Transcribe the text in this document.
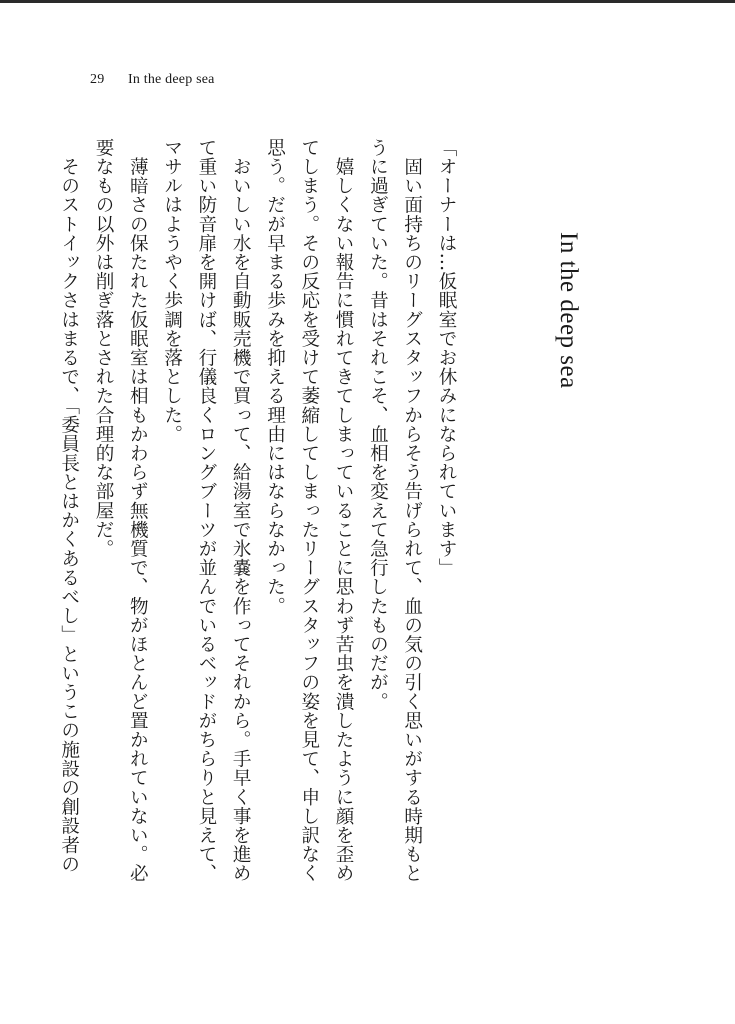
29 In the deep sea
In the deep sea

「オーナーは…仮眠室でお休みになられています」

　固い面持ちのリーグスタッフからそう告げられて、血の気の引く思いがする時期もと
うに過ぎていた。昔はそれこそ、血相を変えて急行したものだが。

　嬉しくない報告に慣れてきてしまっていることに思わず苦虫を潰したように顔を歪め
てしまう。その反応を受けて萎縮してしまったリーグスタッフの姿を見て、申し訳なく
思う。だが早まる歩みを抑える理由にはならなかった。

　おいしい水を自動販売機で買って、給湯室で氷嚢を作ってそれから。手早く事を進め
て重い防音扉を開けば、行儀良くロングブーツが並んでいるベッドがちらりと見えて、
マサルはようやく歩調を落とした。

　薄暗さの保たれた仮眠室は相もかわらず無機質で、物がほとんど置かれていない。必
要なもの以外は削ぎ落とされた合理的な部屋だ。

　そのストイックさはまるで、「委員長とはかくあるべし」というこの施設の創設者の
